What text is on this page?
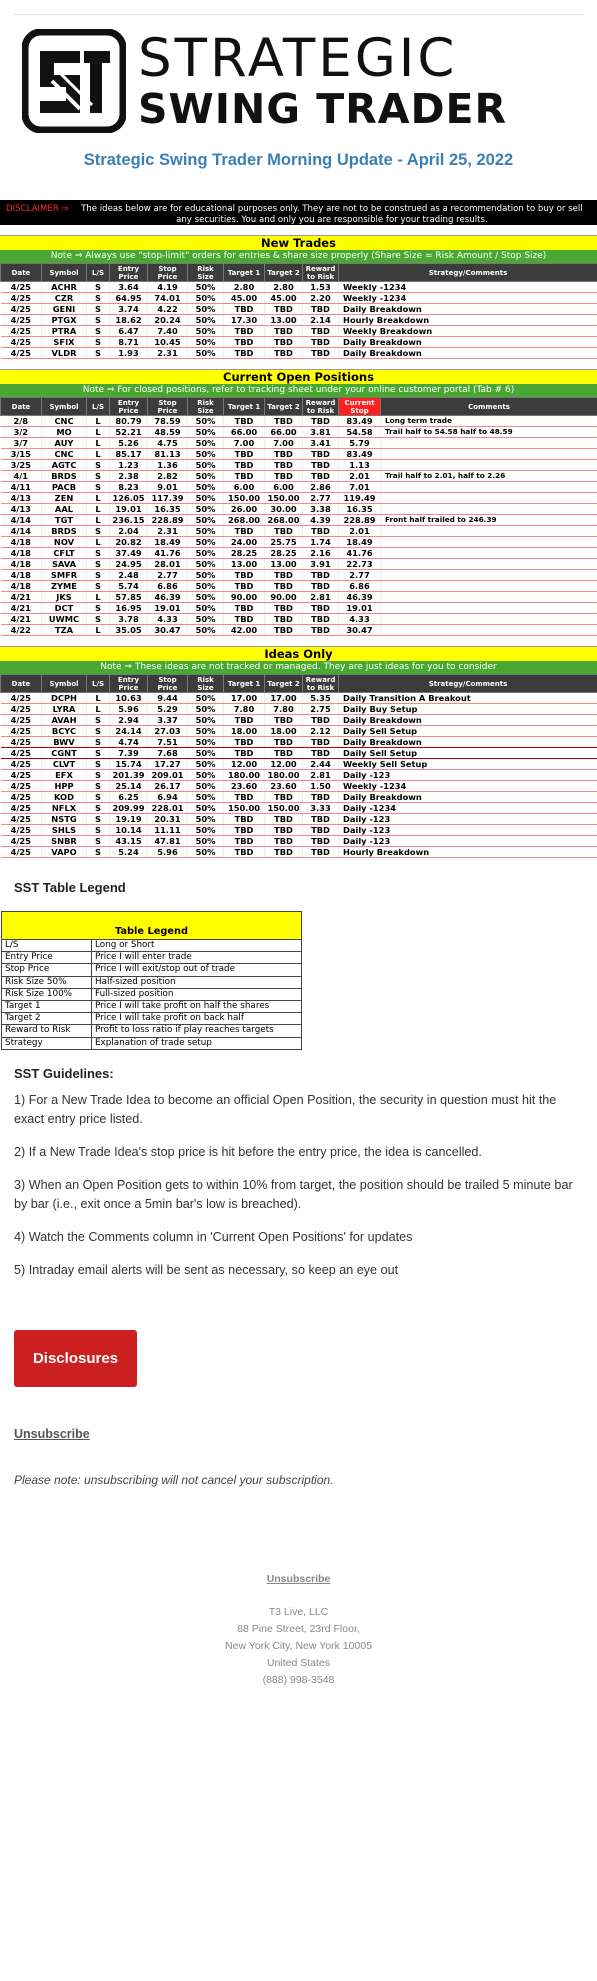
STRATEGIC
SWING TRADER
Strategic Swing Trader Morning Update - April 25, 2022
DISCLAIMER ⇒	The ideas below are for educational purposes only. They are not to be construed as a recommendation to buy or sell any securities. You and only you are responsible for your trading results.
New Trades
Note ⇒ Always use "stop-limit" orders for entries & share size properly (Share Size = Risk Amount / Stop Size)
Date	Symbol	L/S	Entry Price	Stop Price	Risk Size	Target 1	Target 2	Reward to Risk	Strategy/Comments
4/25	ACHR	S	3.64	4.19	50%	2.80	2.80	1.53	Weekly -1234
4/25	CZR	S	64.95	74.01	50%	45.00	45.00	2.20	Weekly -1234
4/25	GENI	S	3.74	4.22	50%	TBD	TBD	TBD	Daily Breakdown
4/25	PTGX	S	18.62	20.24	50%	17.30	13.00	2.14	Hourly Breakdown
4/25	PTRA	S	6.47	7.40	50%	TBD	TBD	TBD	Weekly Breakdown
4/25	SFIX	S	8.71	10.45	50%	TBD	TBD	TBD	Daily Breakdown
4/25	VLDR	S	1.93	2.31	50%	TBD	TBD	TBD	Daily Breakdown
Current Open Positions
Note ⇒ For closed positions, refer to tracking sheet under your online customer portal (Tab # 6)
Date	Symbol	L/S	Entry Price	Stop Price	Risk Size	Target 1	Target 2	Reward to Risk	Current Stop	Comments
2/8	CNC	L	80.79	78.59	50%	TBD	TBD	TBD	83.49	Long term trade
3/2	MO	L	52.21	48.59	50%	66.00	66.00	3.81	54.58	Trail half to 54.58 half to 48.59
3/7	AUY	L	5.26	4.75	50%	7.00	7.00	3.41	5.79	
3/15	CNC	L	85.17	81.13	50%	TBD	TBD	TBD	83.49	
3/25	AGTC	S	1.23	1.36	50%	TBD	TBD	TBD	1.13	
4/1	BRDS	S	2.38	2.82	50%	TBD	TBD	TBD	2.01	Trail half to 2.01, half to 2.26
4/11	PACB	S	8.23	9.01	50%	6.00	6.00	2.86	7.01	
4/13	ZEN	L	126.05	117.39	50%	150.00	150.00	2.77	119.49	
4/13	AAL	L	19.01	16.35	50%	26.00	30.00	3.38	16.35	
4/14	TGT	L	236.15	228.89	50%	268.00	268.00	4.39	228.89	Front half trailed to 246.39
4/14	BRDS	S	2.04	2.31	50%	TBD	TBD	TBD	2.01	
4/18	NOV	L	20.82	18.49	50%	24.00	25.75	1.74	18.49	
4/18	CFLT	S	37.49	41.76	50%	28.25	28.25	2.16	41.76	
4/18	SAVA	S	24.95	28.01	50%	13.00	13.00	3.91	22.73	
4/18	SMFR	S	2.48	2.77	50%	TBD	TBD	TBD	2.77	
4/18	ZYME	S	5.74	6.86	50%	TBD	TBD	TBD	6.86	
4/21	JKS	L	57.85	46.39	50%	90.00	90.00	2.81	46.39	
4/21	DCT	S	16.95	19.01	50%	TBD	TBD	TBD	19.01	
4/21	UWMC	S	3.78	4.33	50%	TBD	TBD	TBD	4.33	
4/22	TZA	L	35.05	30.47	50%	42.00	TBD	TBD	30.47	
Ideas Only
Note ⇒ These ideas are not tracked or managed. They are just ideas for you to consider
Date	Symbol	L/S	Entry Price	Stop Price	Risk Size	Target 1	Target 2	Reward to Risk	Strategy/Comments
4/25	DCPH	L	10.63	9.44	50%	17.00	17.00	5.35	Daily Transition A Breakout
4/25	LYRA	L	5.96	5.29	50%	7.80	7.80	2.75	Daily Buy Setup
4/25	AVAH	S	2.94	3.37	50%	TBD	TBD	TBD	Daily Breakdown
4/25	BCYC	S	24.14	27.03	50%	18.00	18.00	2.12	Daily Sell Setup
4/25	BWV	S	4.74	7.51	50%	TBD	TBD	TBD	Daily Breakdown
4/25	CGNT	S	7.39	7.68	50%	TBD	TBD	TBD	Daily Sell Setup
4/25	CLVT	S	15.74	17.27	50%	12.00	12.00	2.44	Weekly Sell Setup
4/25	EFX	S	201.39	209.01	50%	180.00	180.00	2.81	Daily -123
4/25	HPP	S	25.14	26.17	50%	23.60	23.60	1.50	Weekly -1234
4/25	KOD	S	6.25	6.94	50%	TBD	TBD	TBD	Daily Breakdown
4/25	NFLX	S	209.99	228.01	50%	150.00	150.00	3.33	Daily -1234
4/25	NSTG	S	19.19	20.31	50%	TBD	TBD	TBD	Daily -123
4/25	SHLS	S	10.14	11.11	50%	TBD	TBD	TBD	Daily -123
4/25	SNBR	S	43.15	47.81	50%	TBD	TBD	TBD	Daily -123
4/25	VAPO	S	5.24	5.96	50%	TBD	TBD	TBD	Hourly Breakdown
SST Table Legend
Table Legend	
L/S	Long or Short
Entry Price	Price I will enter trade
Stop Price	Price I will exit/stop out of trade
Risk Size 50%	Half-sized position
Risk Size 100%	Full-sized position
Target 1	Price I will take profit on half the shares
Target 2	Price I will take profit on back half
Reward to Risk	Profit to loss ratio if play reaches targets
Strategy	Explanation of trade setup
SST Guidelines:

1) For a New Trade Idea to become an official Open Position, the security in question must hit the exact entry price listed.

2) If a New Trade Idea's stop price is hit before the entry price, the idea is cancelled.

3) When an Open Position gets to within 10% from target, the position should be trailed 5 minute bar by bar (i.e., exit once a 5min bar's low is breached).

4) Watch the Comments column in 'Current Open Positions' for updates

5) Intraday email alerts will be sent as necessary, so keep an eye out

Disclosures
Unsubscribe
Please note: unsubscribing will not cancel your subscription.
Unsubscribe
T3 Live, LLC
88 Pine Street, 23rd Floor,
New York City, New York 10005
United States
(888) 998-3548
